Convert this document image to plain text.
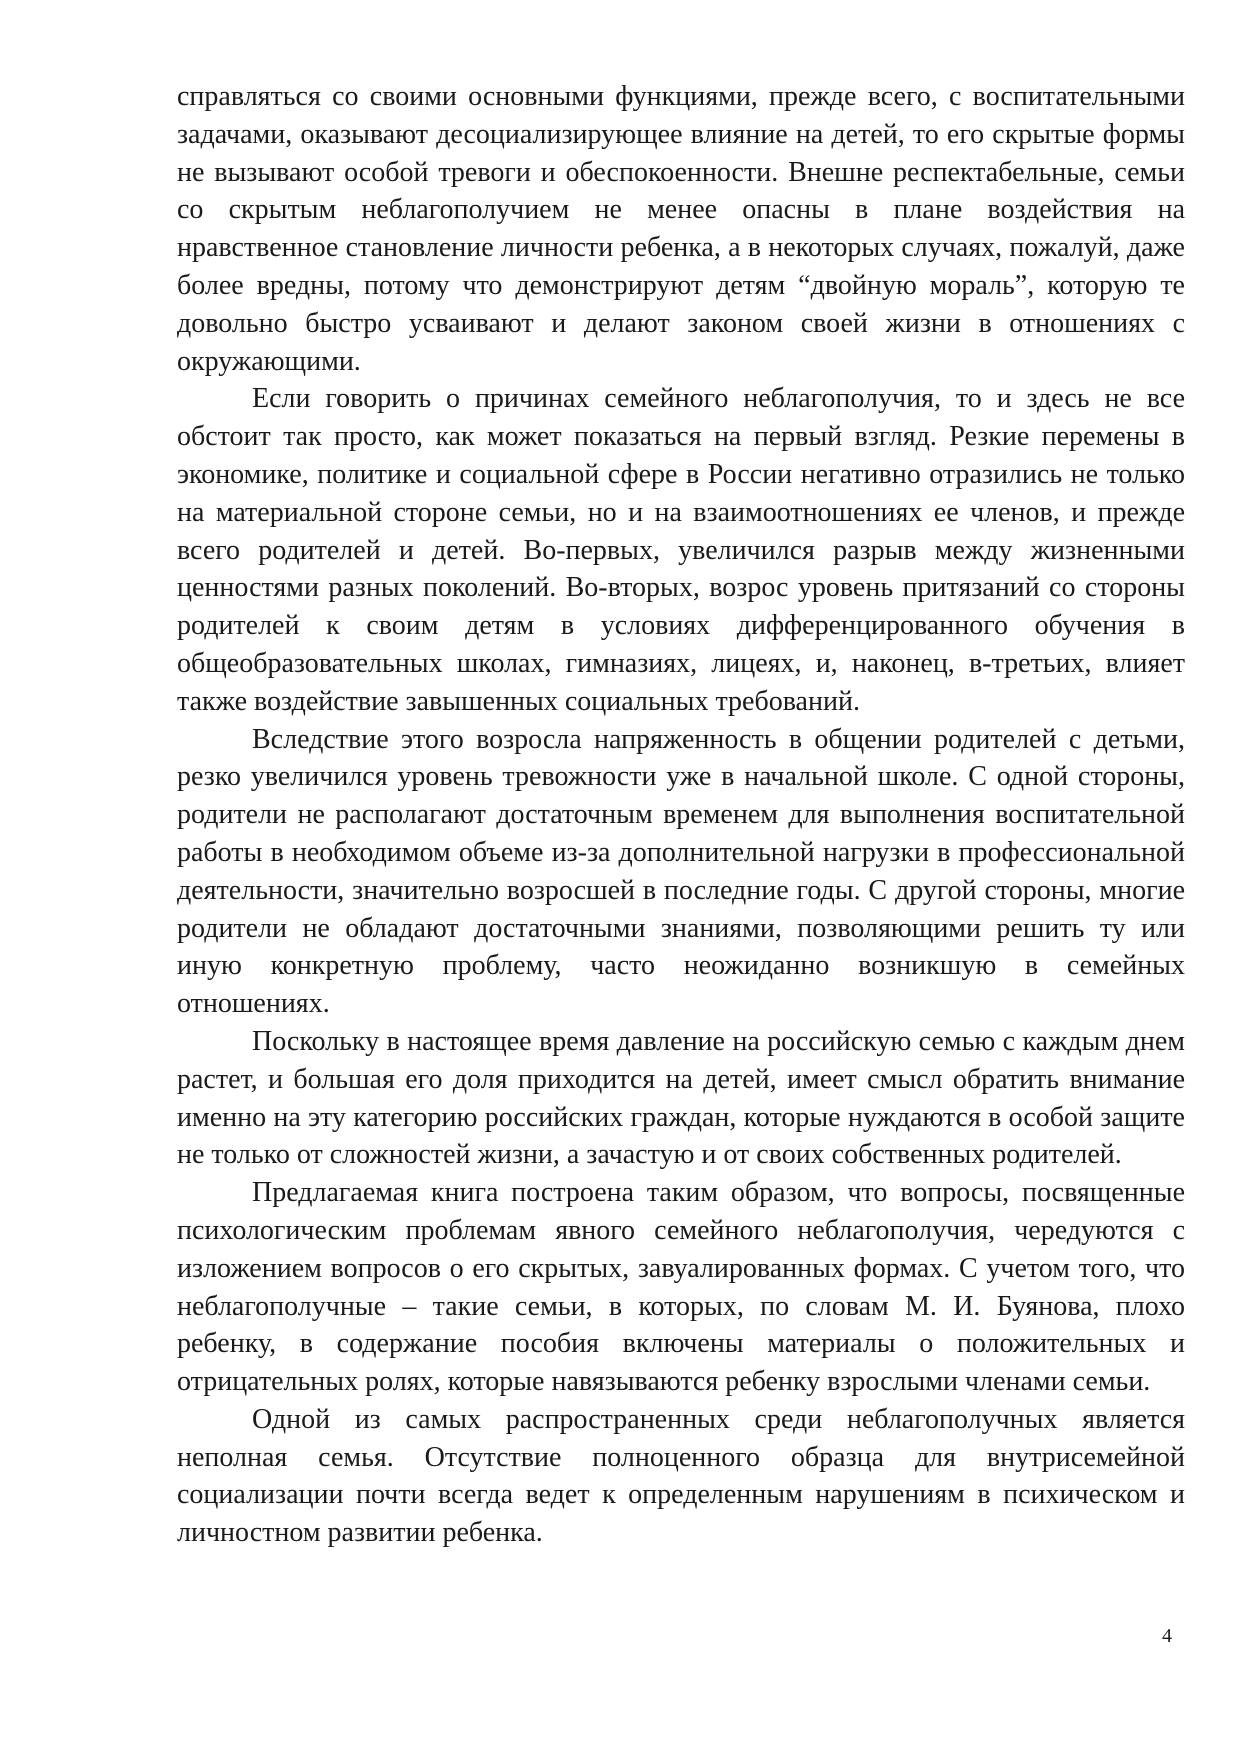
справляться со своими основными функциями, прежде всего, с воспитательными задачами, оказывают десоциализирующее влияние на детей, то его скрытые формы не вызывают особой тревоги и обеспокоенности. Внешне респектабельные, семьи со скрытым неблагополучием не менее опасны в плане воздействия на нравственное становление личности ребенка, а в некоторых случаях, пожалуй, даже более вредны, потому что демонстрируют детям “двойную мораль”, которую те довольно быстро усваивают и делают законом своей жизни в отношениях с окружающими.

Если говорить о причинах семейного неблагополучия, то и здесь не все обстоит так просто, как может показаться на первый взгляд. Резкие перемены в экономике, политике и социальной сфере в России негативно отразились не только на материальной стороне семьи, но и на взаимоотношениях ее членов, и прежде всего родителей и детей. Во-первых, увеличился разрыв между жизненными ценностями разных поколений. Во-вторых, возрос уровень притязаний со стороны родителей к своим детям в условиях дифференцированного обучения в общеобразовательных школах, гимназиях, лицеях, и, наконец, в-третьих, влияет также воздействие завышенных социальных требований.

Вследствие этого возросла напряженность в общении родителей с детьми, резко увеличился уровень тревожности уже в начальной школе. С одной стороны, родители не располагают достаточным временем для выполнения воспитательной работы в необходимом объеме из-за дополнительной нагрузки в профессиональной деятельности, значительно возросшей в последние годы. С другой стороны, многие родители не обладают достаточными знаниями, позволяющими решить ту или иную конкретную проблему, часто неожиданно возникшую в семейных отношениях.

Поскольку в настоящее время давление на российскую семью с каждым днем растет, и большая его доля приходится на детей, имеет смысл обратить внимание именно на эту категорию российских граждан, которые нуждаются в особой защите не только от сложностей жизни, а зачастую и от своих собственных родителей.

Предлагаемая книга построена таким образом, что вопросы, посвященные психологическим проблемам явного семейного неблагополучия, чередуются с изложением вопросов о его скрытых, завуалированных формах. С учетом того, что неблагополучные – такие семьи, в которых, по словам М. И. Буянова, плохо ребенку, в содержание пособия включены материалы о положительных и отрицательных ролях, которые навязываются ребенку взрослыми членами семьи.

Одной из самых распространенных среди неблагополучных является неполная семья. Отсутствие полноценного образца для внутрисемейной социализации почти всегда ведет к определенным нарушениям в психическом и личностном развитии ребенка.

4
